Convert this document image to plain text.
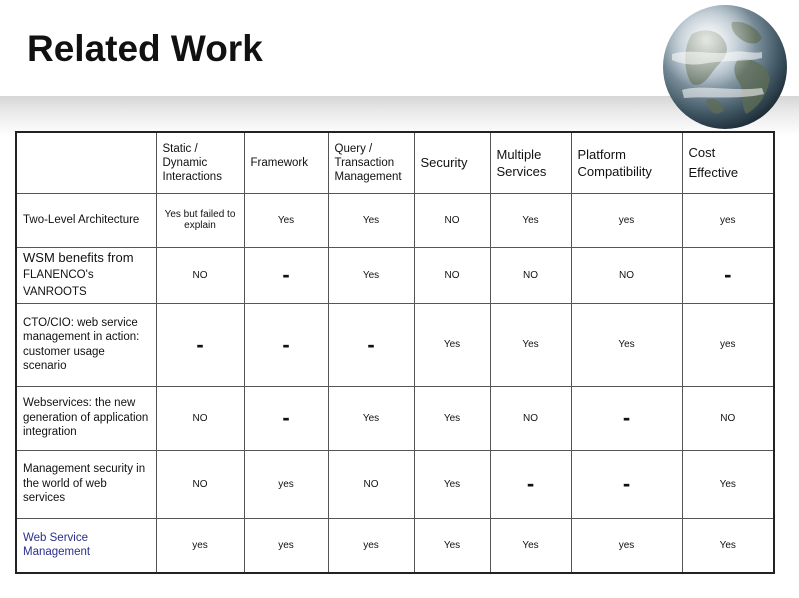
Related Work
	Static / Dynamic Interactions	Framework	Query / Transaction Management	Security	Multiple Services	Platform Compatibility	Cost Effective
Two-Level Architecture	Yes but failed to explain	Yes	Yes	NO	Yes	yes	yes
WSM benefits from FLANENCO's VANROOTS	NO	-	Yes	NO	NO	NO	-
CTO/CIO: web service management in action: customer usage scenario	-	-	-	Yes	Yes	Yes	yes
Webservices: the new generation of application integration	NO	-	Yes	Yes	NO	-	NO
Management security in the world of web services	NO	yes	NO	Yes	-	-	Yes
Web Service Management	yes	yes	yes	Yes	Yes	yes	Yes
